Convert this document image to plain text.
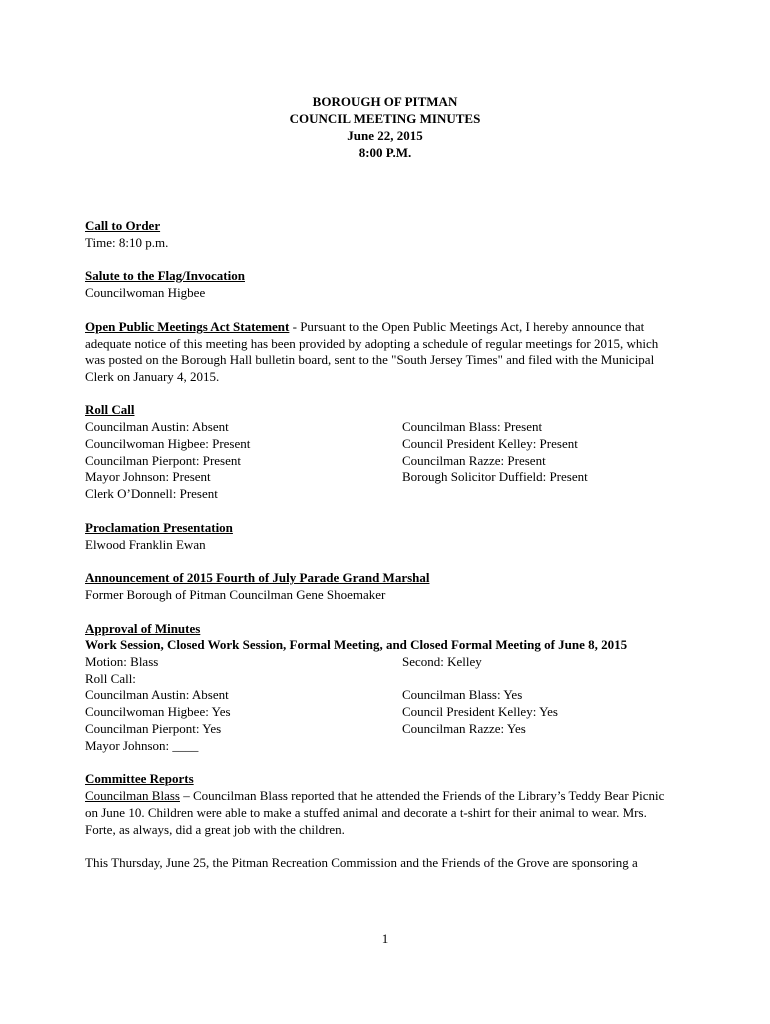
BOROUGH OF PITMAN
COUNCIL MEETING MINUTES
June 22, 2015
8:00 P.M.
Call to Order
Time: 8:10 p.m.
Salute to the Flag/Invocation
Councilwoman Higbee
Open Public Meetings Act Statement - Pursuant to the Open Public Meetings Act, I hereby announce that
adequate notice of this meeting has been provided by adopting a schedule of regular meetings for 2015, which
was posted on the Borough Hall bulletin board, sent to the "South Jersey Times" and filed with the Municipal
Clerk on January 4, 2015.
Roll Call
Councilman Austin: Absent
Councilwoman Higbee: Present
Councilman Pierpont: Present
Mayor Johnson: Present
Clerk O’Donnell: Present
Councilman Blass: Present
Council President Kelley: Present
Councilman Razze: Present
Borough Solicitor Duffield: Present
Proclamation Presentation
Elwood Franklin Ewan
Announcement of 2015 Fourth of July Parade Grand Marshal
Former Borough of Pitman Councilman Gene Shoemaker
Approval of Minutes
Work Session, Closed Work Session, Formal Meeting, and Closed Formal Meeting of June 8, 2015
Motion: Blass	Second: Kelley
Roll Call:
Councilman Austin: Absent
Councilwoman Higbee: Yes
Councilman Pierpont: Yes
Mayor Johnson: ____
Councilman Blass: Yes
Council President Kelley: Yes
Councilman Razze: Yes
Committee Reports
Councilman Blass – Councilman Blass reported that he attended the Friends of the Library’s Teddy Bear Picnic
on June 10. Children were able to make a stuffed animal and decorate a t-shirt for their animal to wear. Mrs.
Forte, as always, did a great job with the children.
This Thursday, June 25, the Pitman Recreation Commission and the Friends of the Grove are sponsoring a
1
